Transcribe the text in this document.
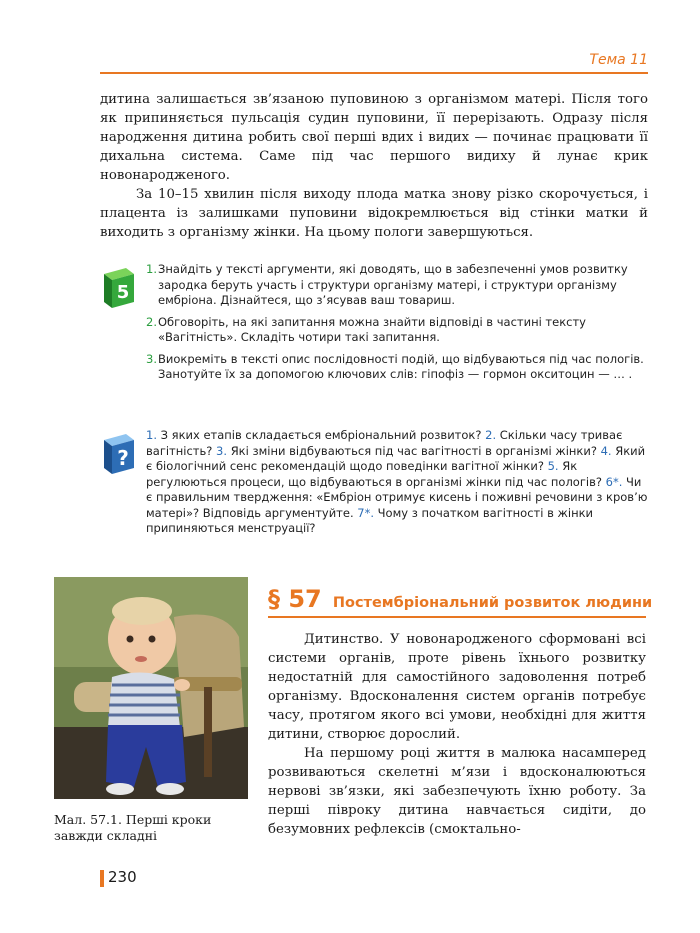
Тема 11

дитина залишається зв’язаною пуповиною з організмом матері. Після того як припиняється пульсація судин пуповини, її перерізають. Одразу після народження дитина робить свої перші вдих і видих — починає працювати її дихальна система. Саме під час першого видиху й лунає крик новонародженого.

За 10–15 хвилин після виходу плода матка знову різко скорочується, і плацента із залишками пуповини відокремлюється від стінки матки й виходить з організму жінки. На цьому пологи завершуються.

5
1. Знайдіть у тексті аргументи, які доводять, що в забезпеченні умов розвитку зародка беруть участь і структури організму матері, і структури організму ембріона. Дізнайтеся, що з’ясував ваш товариш.
2. Обговоріть, на які запитання можна знайти відповіді в частині тексту «Вагітність». Складіть чотири такі запитання.
3. Виокреміть в тексті опис послідовності подій, що відбуваються під час пологів. Занотуйте їх за допомогою ключових слів: гіпофіз — гормон окситоцин — … .
?

1. З яких етапів складається ембріональний розвиток? 2. Скільки часу триває вагітність? 3. Які зміни відбуваються під час вагітності в організмі жінки? 4. Який є біологічний сенс рекомендацій щодо поведінки вагітної жінки? 5. Як регулюються процеси, що відбуваються в організмі жінки під час пологів? 6*. Чи є правильним твердження: «Ембріон отримує кисень і поживні речовини з кров’ю матері»? Відповідь аргументуйте. 7*. Чому з початком вагітності в жінки припиняються менструації?

Мал. 57.1. Перші кроки завжди складні

§ 57 Постембріональний розвиток людини

Дитинство. У новонародженого сформовані всі системи органів, проте рівень їхнього розвитку недостатній для самостійного задоволення потреб організму. Вдосконалення систем органів потребує часу, протягом якого всі умови, необхідні для життя дитини, створює дорослий.

На першому році життя в малюка насамперед розвиваються скелетні м’язи і вдосконалюються нервові зв’язки, які забезпечують їхню роботу. За перші півроку дитина навчається сидіти, до безумовних рефлексів (смоктально-

230
